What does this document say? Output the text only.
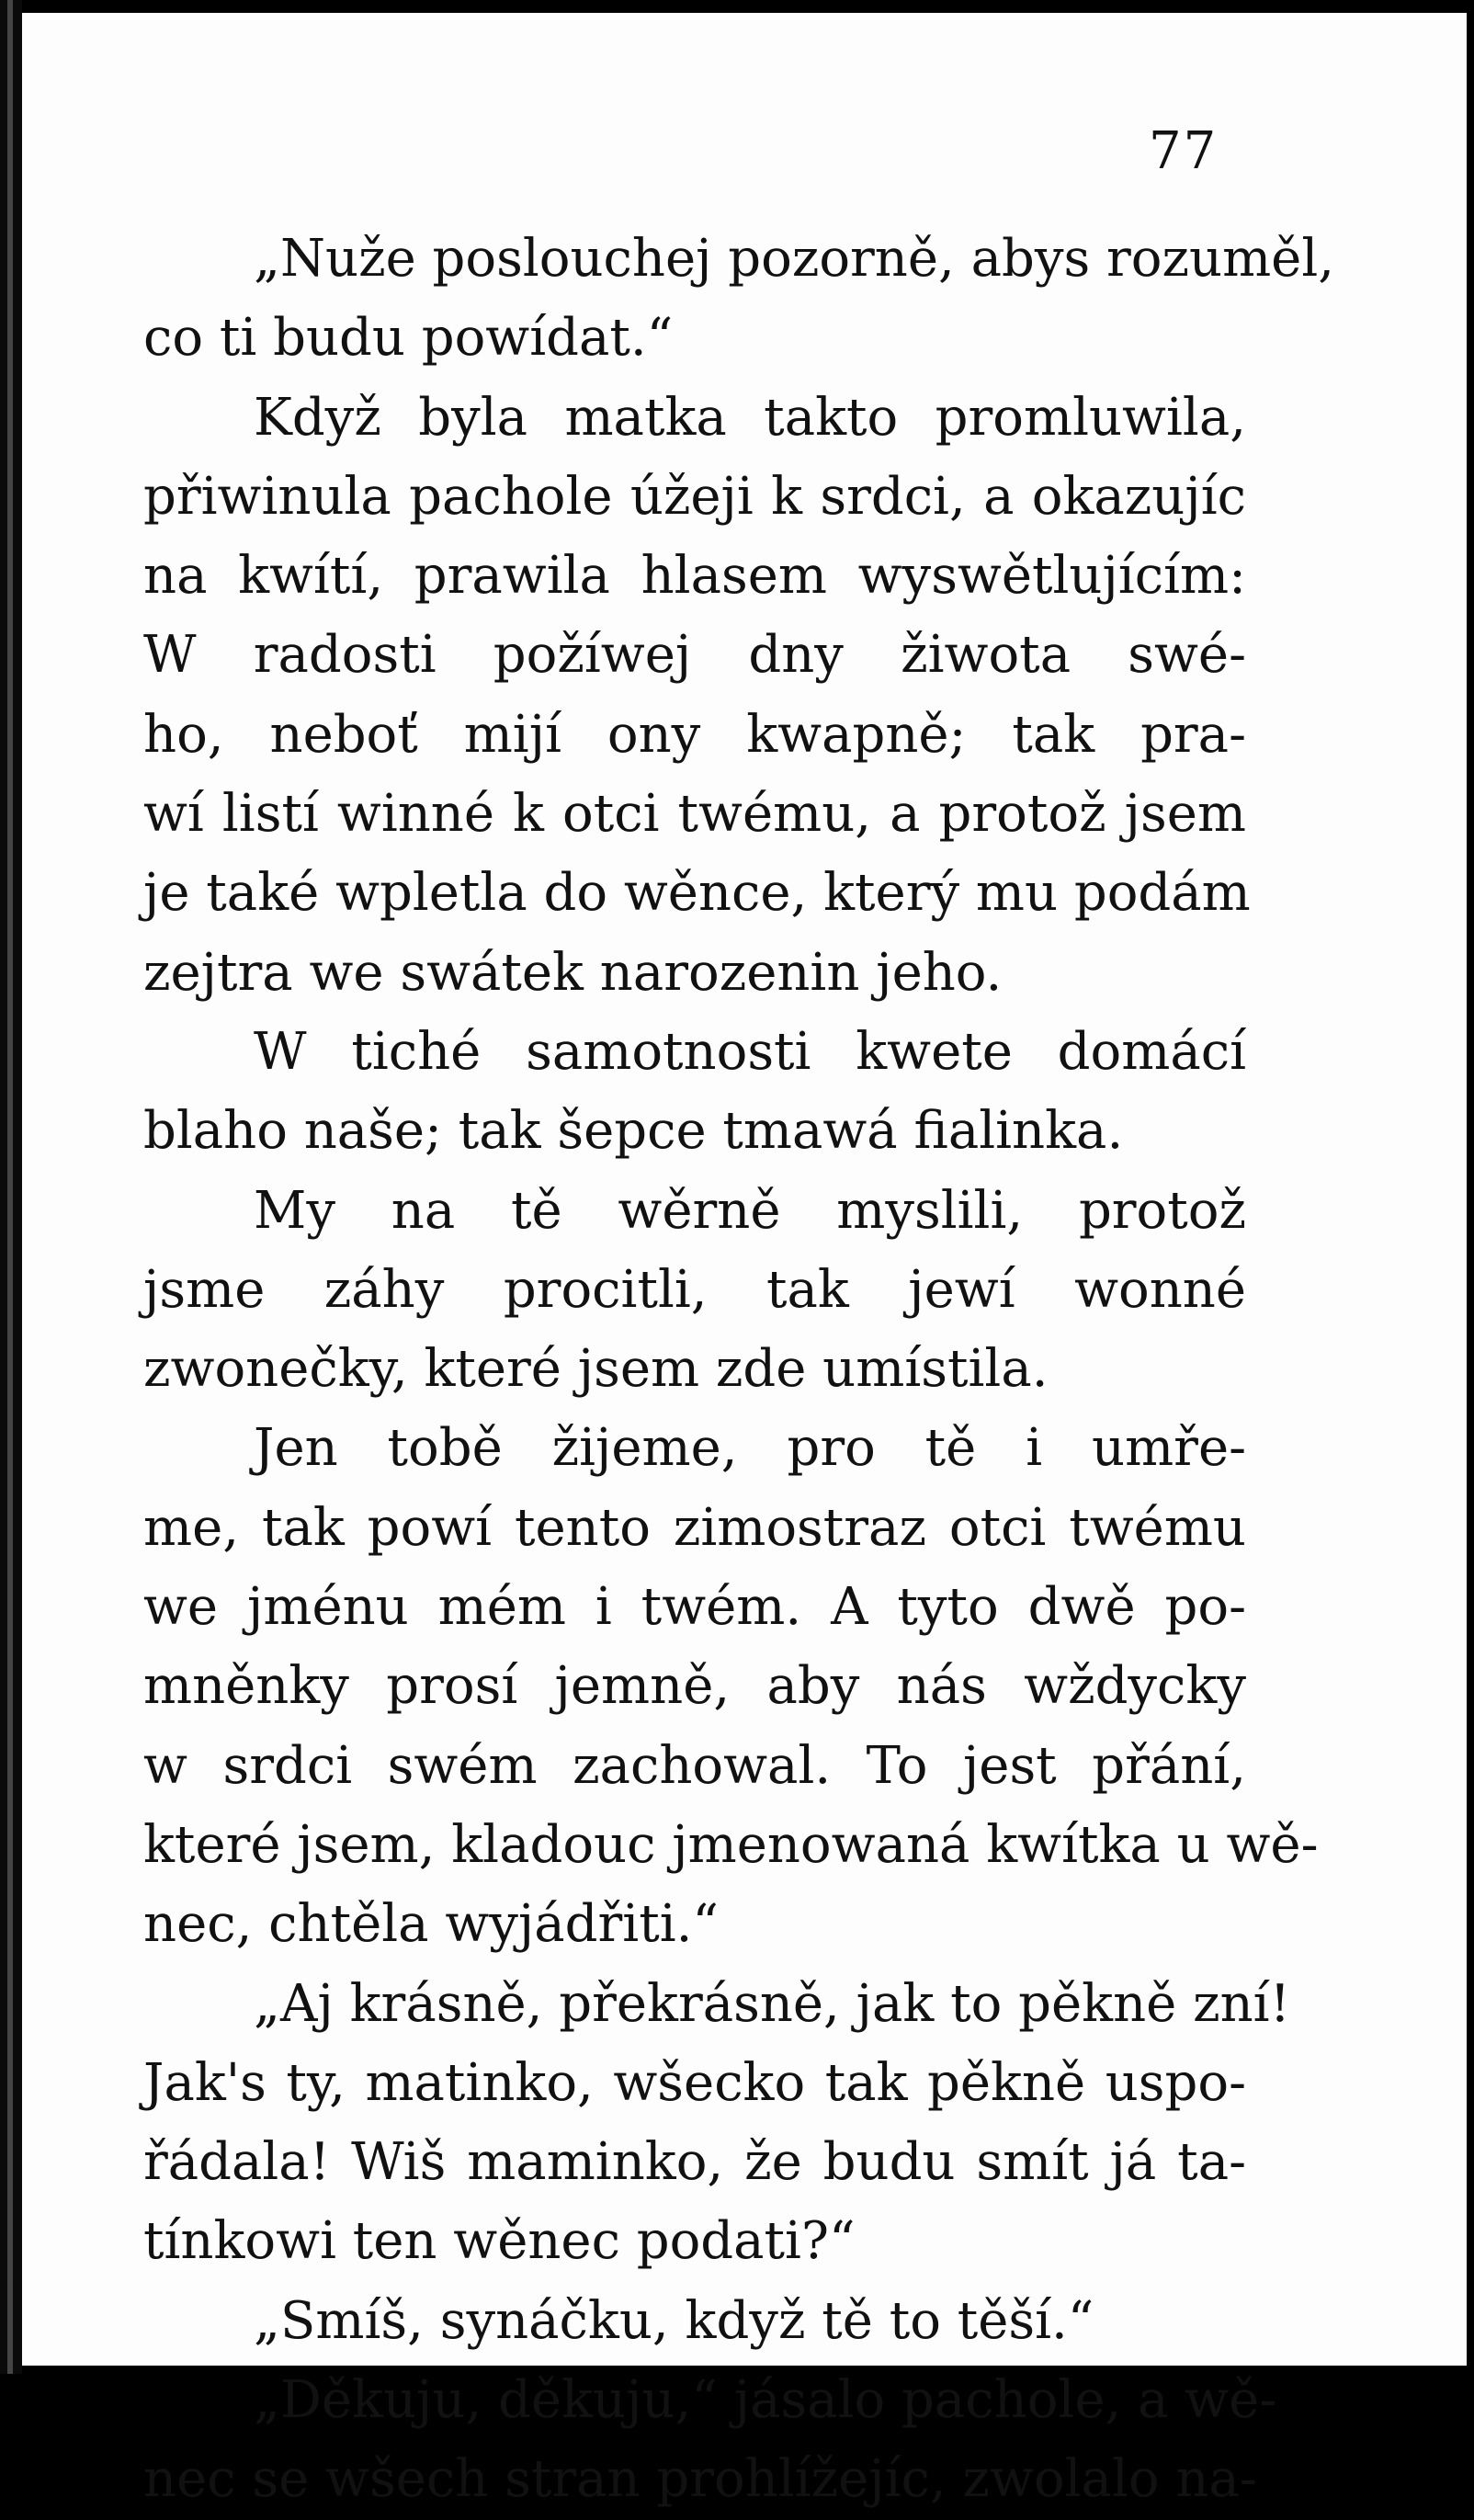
77
„Nuže poslouchej pozorně, abys rozuměl,
co ti budu powídat.“
Když byla matka takto promluwila,
přiwinula pachole úžeji k srdci, a okazujíc
na kwítí, prawila hlasem wyswětlujícím:
W radosti požíwej dny žiwota swé-
ho, neboť mijí ony kwapně; tak pra-
wí listí winné k otci twému, a protož jsem
je také wpletla do wěnce, který mu podám
zejtra we swátek narozenin jeho.
W tiché samotnosti kwete domácí
blaho naše; tak šepce tmawá fialinka.
My na tě wěrně myslili, protož
jsme záhy procitli, tak jewí wonné
zwonečky, které jsem zde umístila.
Jen tobě žijeme, pro tě i umře-
me, tak powí tento zimostraz otci twému
we jménu mém i twém. A tyto dwě po-
mněnky prosí jemně, aby nás wždycky
w srdci swém zachowal. To jest přání,
které jsem, kladouc jmenowaná kwítka u wě-
nec, chtěla wyjádřiti.“
„Aj krásně, překrásně, jak to pěkně zní!
Jak's ty, matinko, wšecko tak pěkně uspo-
řádala! Wiš maminko, že budu smít já ta-
tínkowi ten wěnec podati?“
„Smíš, synáčku, když tě to těší.“
„Děkuju, děkuju,“ jásalo pachole, a wě-
nec se wšech stran prohlížejíc, zwolalo na-
